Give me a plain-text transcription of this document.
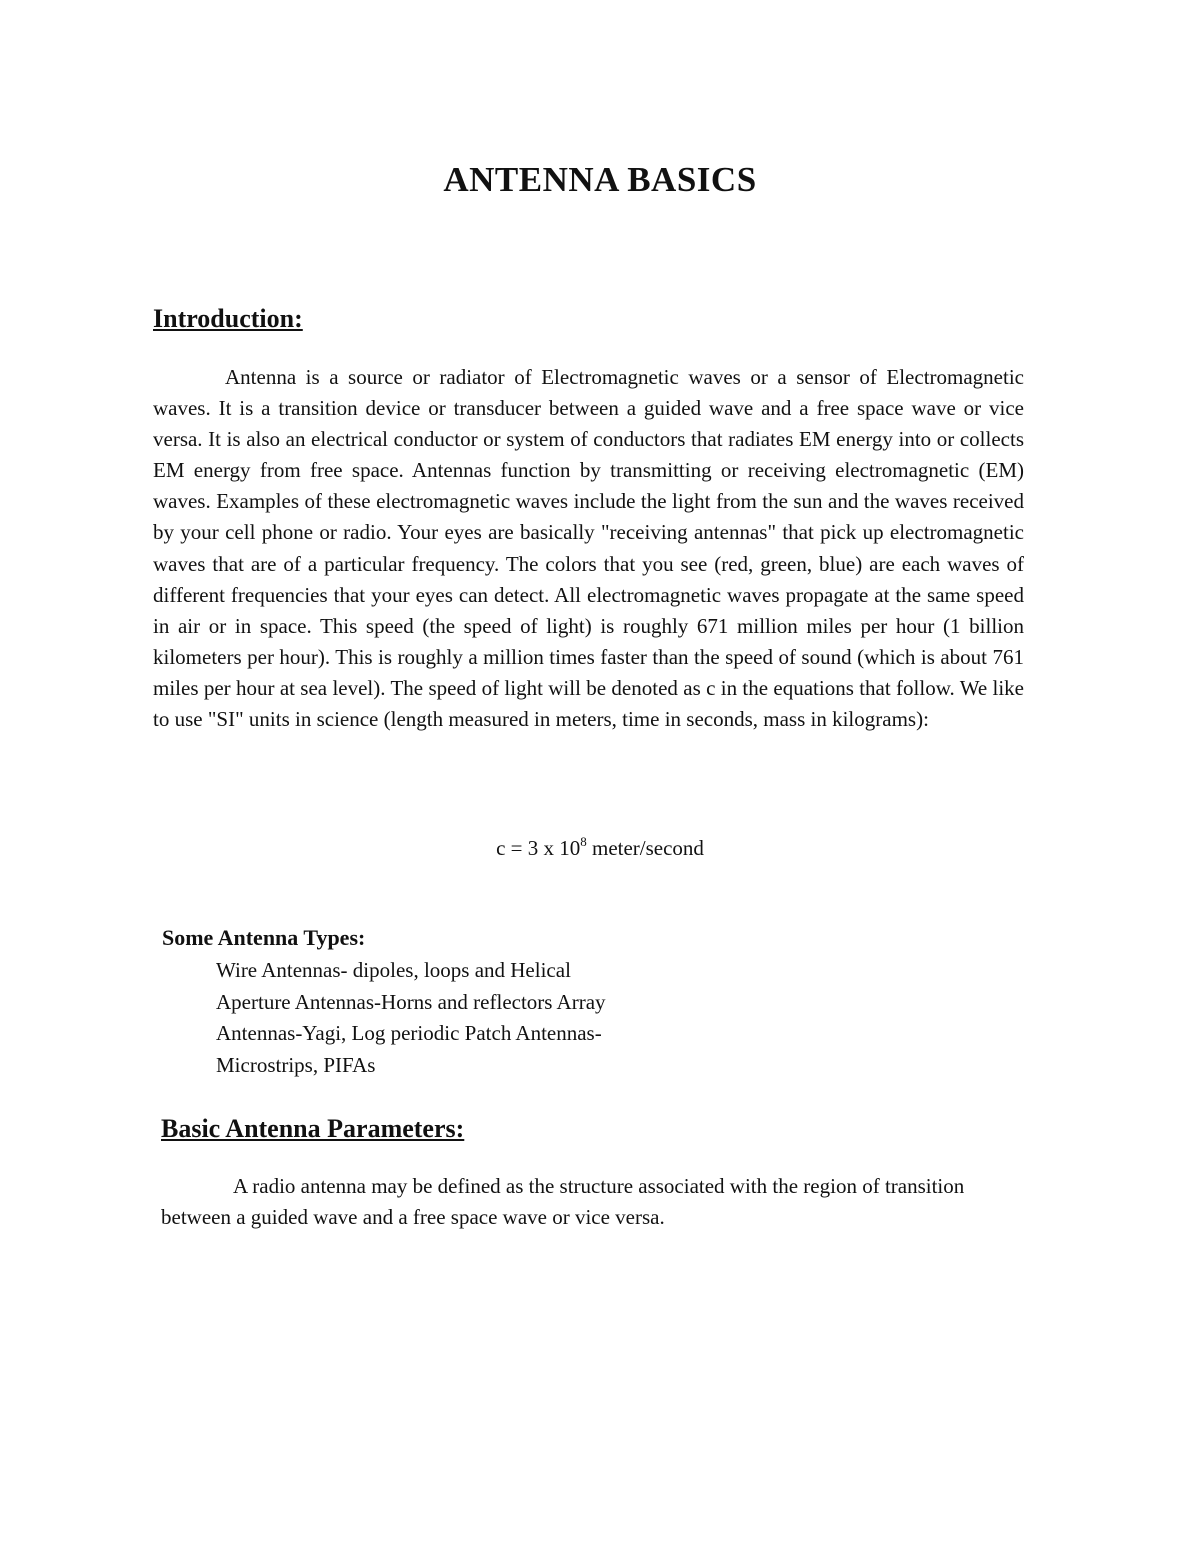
ANTENNA BASICS
Introduction:

Antenna is a source or radiator of Electromagnetic waves or a sensor of Electromagnetic waves. It is a transition device or transducer between a guided wave and a free space wave or vice versa. It is also an electrical conductor or system of conductors that radiates EM energy into or collects EM energy from free space. Antennas function by transmitting or receiving electromagnetic (EM) waves. Examples of these electromagnetic waves include the light from the sun and the waves received by your cell phone or radio. Your eyes are basically "receiving antennas" that pick up electromagnetic waves that are of a particular frequency. The colors that you see (red, green, blue) are each waves of different frequencies that your eyes can detect. All electromagnetic waves propagate at the same speed in air or in space. This speed (the speed of light) is roughly 671 million miles per hour (1 billion kilometers per hour). This is roughly a million times faster than the speed of sound (which is about 761 miles per hour at sea level). The speed of light will be denoted as c in the equations that follow. We like to use "SI" units in science (length measured in meters, time in seconds, mass in kilograms):

c = 3 x $10^8$ meter/second

Some Antenna Types:
Wire Antennas- dipoles, loops and Helical
Aperture Antennas-Horns and reflectors Array
Antennas-Yagi, Log periodic Patch Antennas-
Microstrips, PIFAs
Basic Antenna Parameters:

A radio antenna may be defined as the structure associated with the region of transition between a guided wave and a free space wave or vice versa.
